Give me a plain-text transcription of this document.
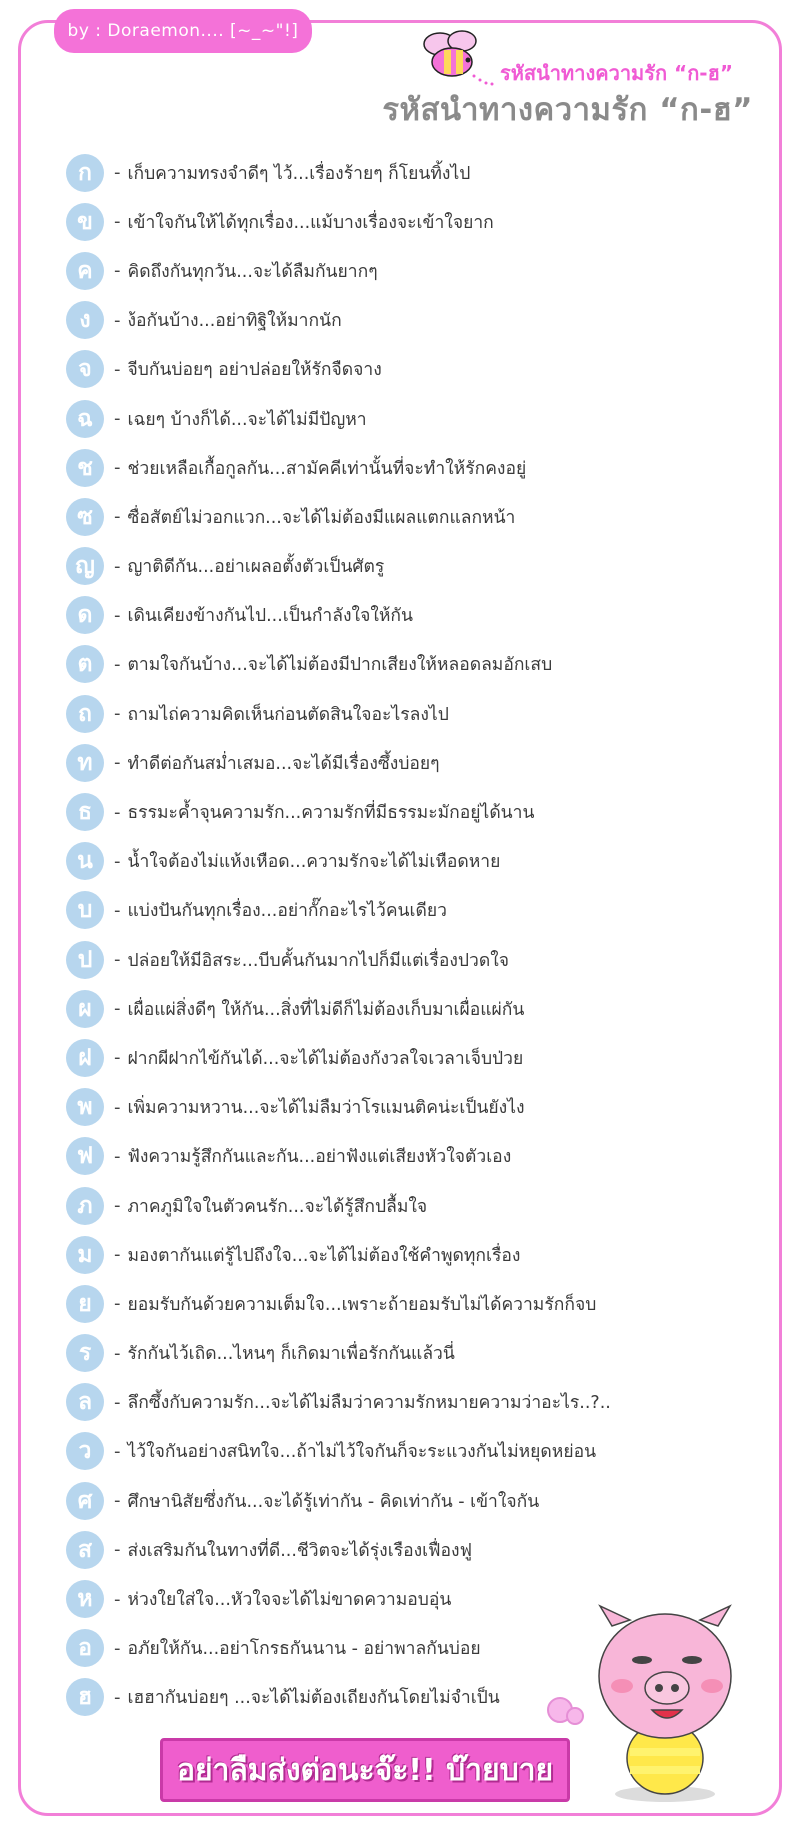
by : Doraemon.... [~_~"!]
รหัสนำทางความรัก “ก-ฮ”
รหัสนำทางความรัก “ก-ฮ”
ก	- เก็บความทรงจำดีๆ ไว้...เรื่องร้ายๆ ก็โยนทิ้งไป
ข	- เข้าใจกันให้ได้ทุกเรื่อง...แม้บางเรื่องจะเข้าใจยาก
ค	- คิดถึงกันทุกวัน...จะได้ลืมกันยากๆ
ง	- ง้อกันบ้าง...อย่าทิฐิให้มากนัก
จ	- จีบกันบ่อยๆ อย่าปล่อยให้รักจืดจาง
ฉ	- เฉยๆ บ้างก็ได้...จะได้ไม่มีปัญหา
ช	- ช่วยเหลือเกื้อกูลกัน...สามัคคีเท่านั้นที่จะทำให้รักคงอยู่
ซ	- ซื่อสัตย์ไม่วอกแวก...จะได้ไม่ต้องมีแผลแตกแลกหน้า
ญ	- ญาติดีกัน...อย่าเผลอตั้งตัวเป็นศัตรู
ด	- เดินเคียงข้างกันไป...เป็นกำลังใจให้กัน
ต	- ตามใจกันบ้าง...จะได้ไม่ต้องมีปากเสียงให้หลอดลมอักเสบ
ถ	- ถามไถ่ความคิดเห็นก่อนตัดสินใจอะไรลงไป
ท	- ทำดีต่อกันสม่ำเสมอ...จะได้มีเรื่องซึ้งบ่อยๆ
ธ	- ธรรมะค้ำจุนความรัก...ความรักที่มีธรรมะมักอยู่ได้นาน
น	- น้ำใจต้องไม่แห้งเหือด...ความรักจะได้ไม่เหือดหาย
บ	- แบ่งปันกันทุกเรื่อง...อย่ากั๊กอะไรไว้คนเดียว
ป	- ปล่อยให้มีอิสระ...บีบคั้นกันมากไปก็มีแต่เรื่องปวดใจ
ผ	- เผื่อแผ่สิ่งดีๆ ให้กัน...สิ่งที่ไม่ดีก็ไม่ต้องเก็บมาเผื่อแผ่กัน
ฝ	- ฝากผีฝากไข้กันได้...จะได้ไม่ต้องกังวลใจเวลาเจ็บป่วย
พ	- เพิ่มความหวาน...จะได้ไม่ลืมว่าโรแมนติคน่ะเป็นยังไง
ฟ	- ฟังความรู้สึกกันและกัน...อย่าฟังแต่เสียงหัวใจตัวเอง
ภ	- ภาคภูมิใจในตัวคนรัก...จะได้รู้สึกปลื้มใจ
ม	- มองตากันแต่รู้ไปถึงใจ...จะได้ไม่ต้องใช้คำพูดทุกเรื่อง
ย	- ยอมรับกันด้วยความเต็มใจ...เพราะถ้ายอมรับไม่ได้ความรักก็จบ
ร	- รักกันไว้เถิด...ไหนๆ ก็เกิดมาเพื่อรักกันแล้วนี่
ล	- ลึกซึ้งกับความรัก...จะได้ไม่ลืมว่าความรักหมายความว่าอะไร..?..
ว	- ไว้ใจกันอย่างสนิทใจ...ถ้าไม่ไว้ใจกันก็จะระแวงกันไม่หยุดหย่อน
ศ	- ศึกษานิสัยซึ่งกัน...จะได้รู้เท่ากัน - คิดเท่ากัน - เข้าใจกัน
ส	- ส่งเสริมกันในทางที่ดี...ชีวิตจะได้รุ่งเรืองเฟื่องฟู
ห	- ห่วงใยใส่ใจ...หัวใจจะได้ไม่ขาดความอบอุ่น
อ	- อภัยให้กัน...อย่าโกรธกันนาน - อย่าพาลกันบ่อย
ฮ	- เฮฮากันบ่อยๆ ...จะได้ไม่ต้องเถียงกันโดยไม่จำเป็น
อย่าลืมส่งต่อนะจ๊ะ!! บ๊ายบาย
